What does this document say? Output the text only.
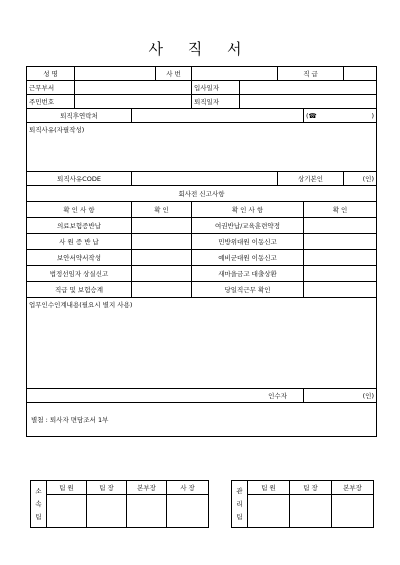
사 직 서
성 명			사 번			직 급		
근무부서				입사일자				
주민번호				퇴직일자				
퇴직후연락처							(☎ )	

퇴직사유(자필작성)								
퇴직사유CODE						상기본인		(인)
회사전 신고사항								
확 인 사 항		확 인		확 인 사 항			확 인	
의료보험증반납				여권반납/교육훈련약정				
사 원 증 반 납				민방위대원 이동신고				
보안서약서작성				예비군대원 이동신고				
법정선임자 상실신고				새마을금고 대출상환				
직급 및 보험승계				당일직근무 확인				
업무인수인계내용(필요시 별지 사용)								
인수자							(인)	
별첨 : 퇴사자 면담조서 1부								
소속팀	팀 원	팀 장	본부장	사 장
				관리팀	팀 원	팀 장	본부장
